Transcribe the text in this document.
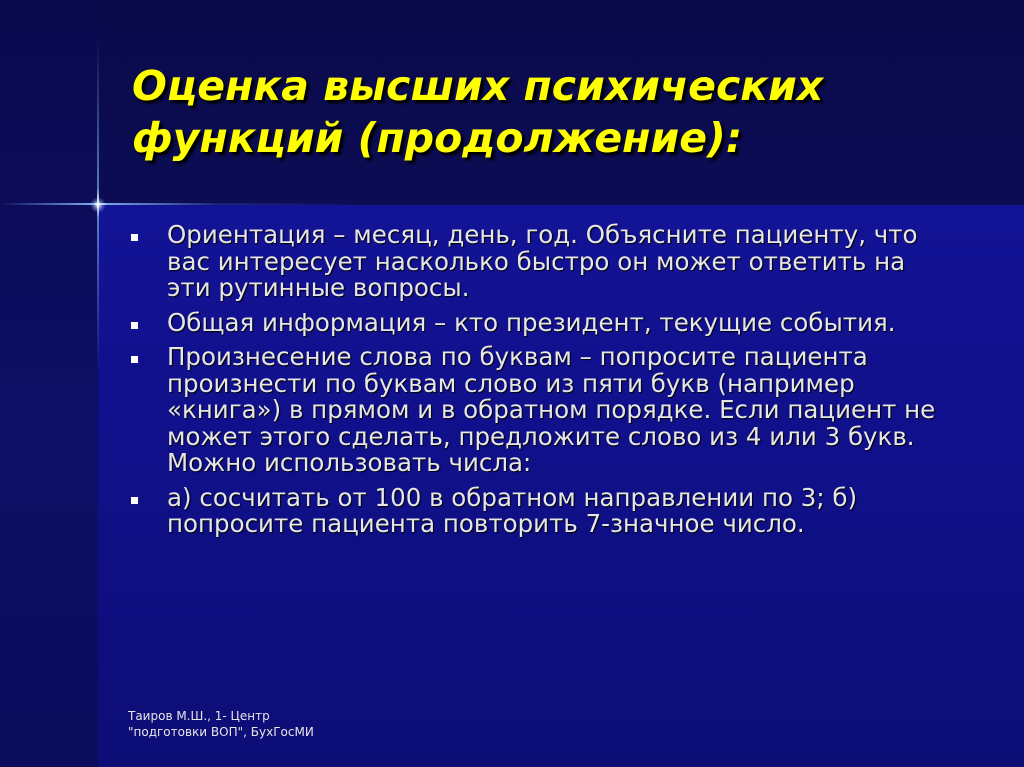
Оценка высших психических
функций (продолжение):
Ориентация – месяц, день, год. Объясните пациенту, что
вас интересует насколько быстро он может ответить на
эти рутинные вопросы.
Общая информация – кто президент, текущие события.
Произнесение слова по буквам – попросите пациента
произнести по буквам слово из пяти букв (например
«книга») в прямом и в обратном порядке. Если пациент не
может этого сделать, предложите слово из 4 или 3 букв.
Можно использовать числа:
а) сосчитать от 100 в обратном направлении по 3; б)
попросите пациента повторить 7-значное число.
Таиров М.Ш., 1- Центр
"подготовки ВОП", БухГосМИ
